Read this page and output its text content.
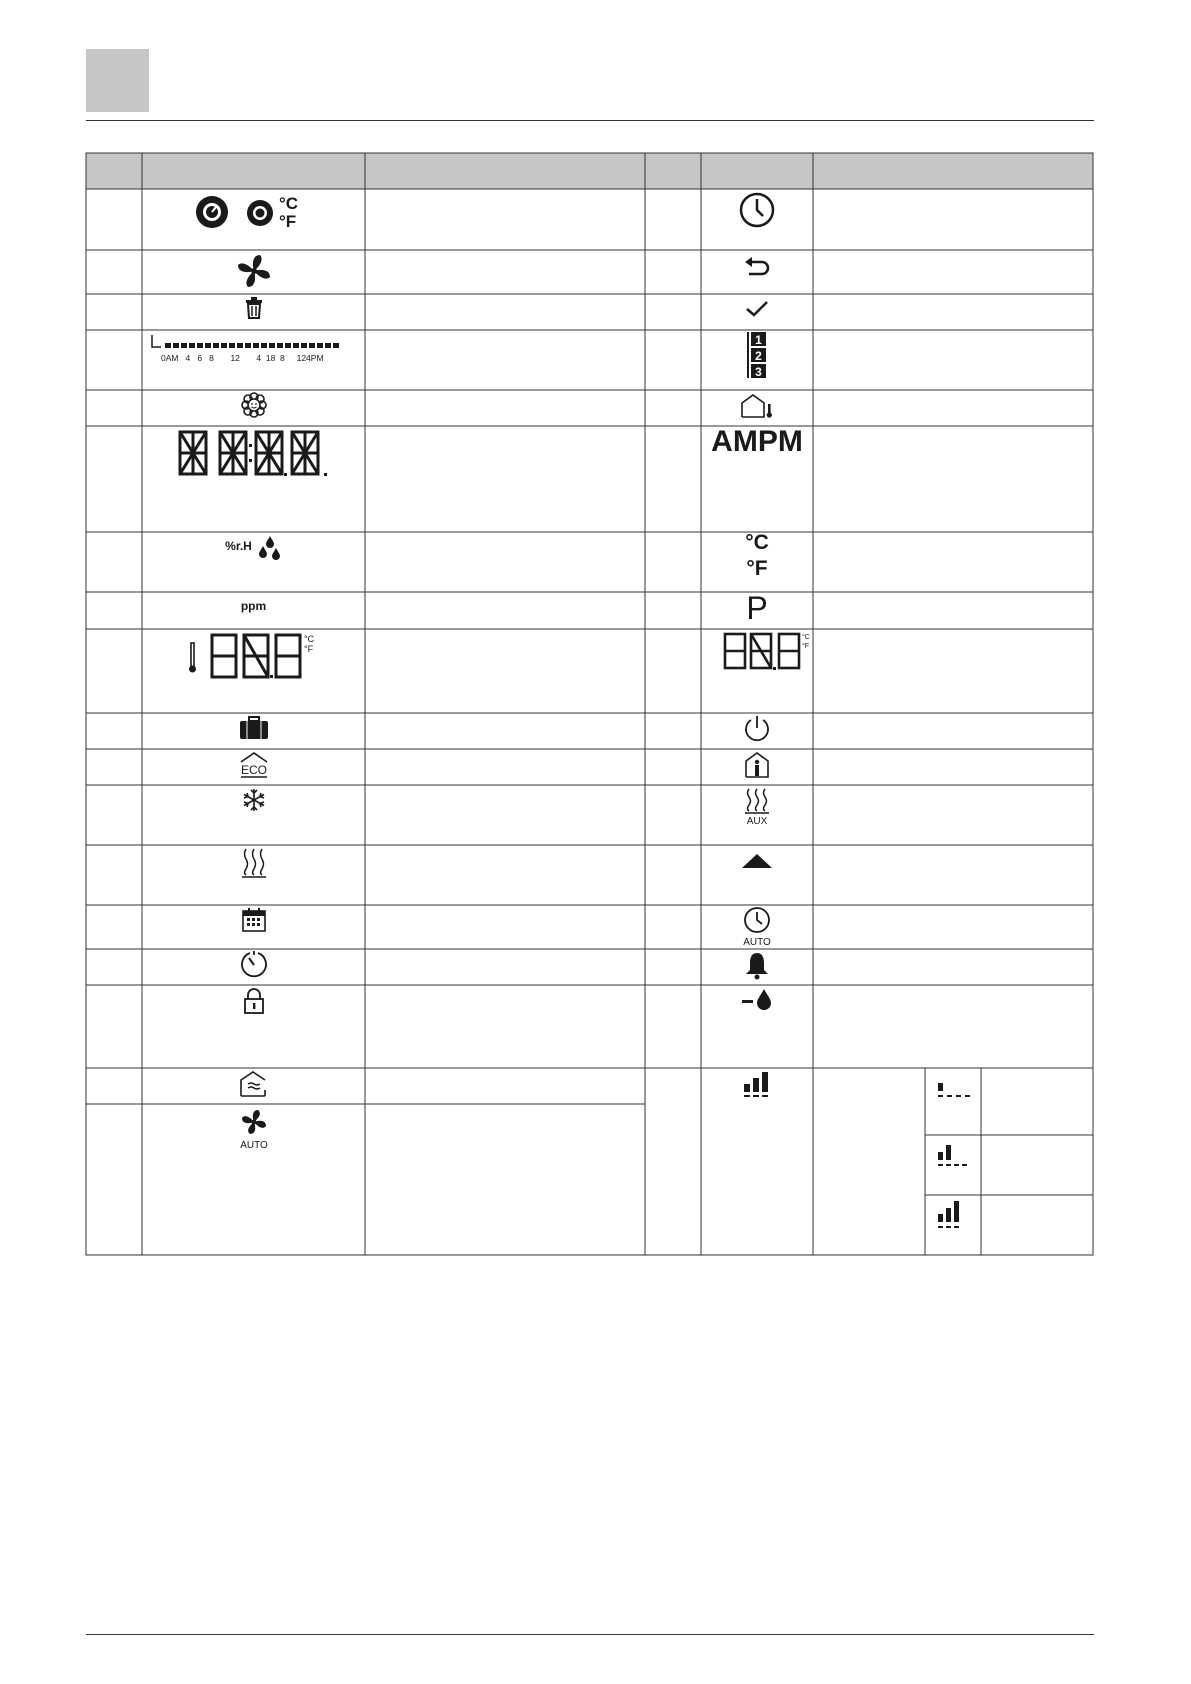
°C
°F
0AM   4   6   8       12       4  18  8     124PM
1
2
3
AMPM
%r.H	°C
°F
ppm	P
°C
°F
°C
°F
ECO
AUX
AUTO
AUTO
